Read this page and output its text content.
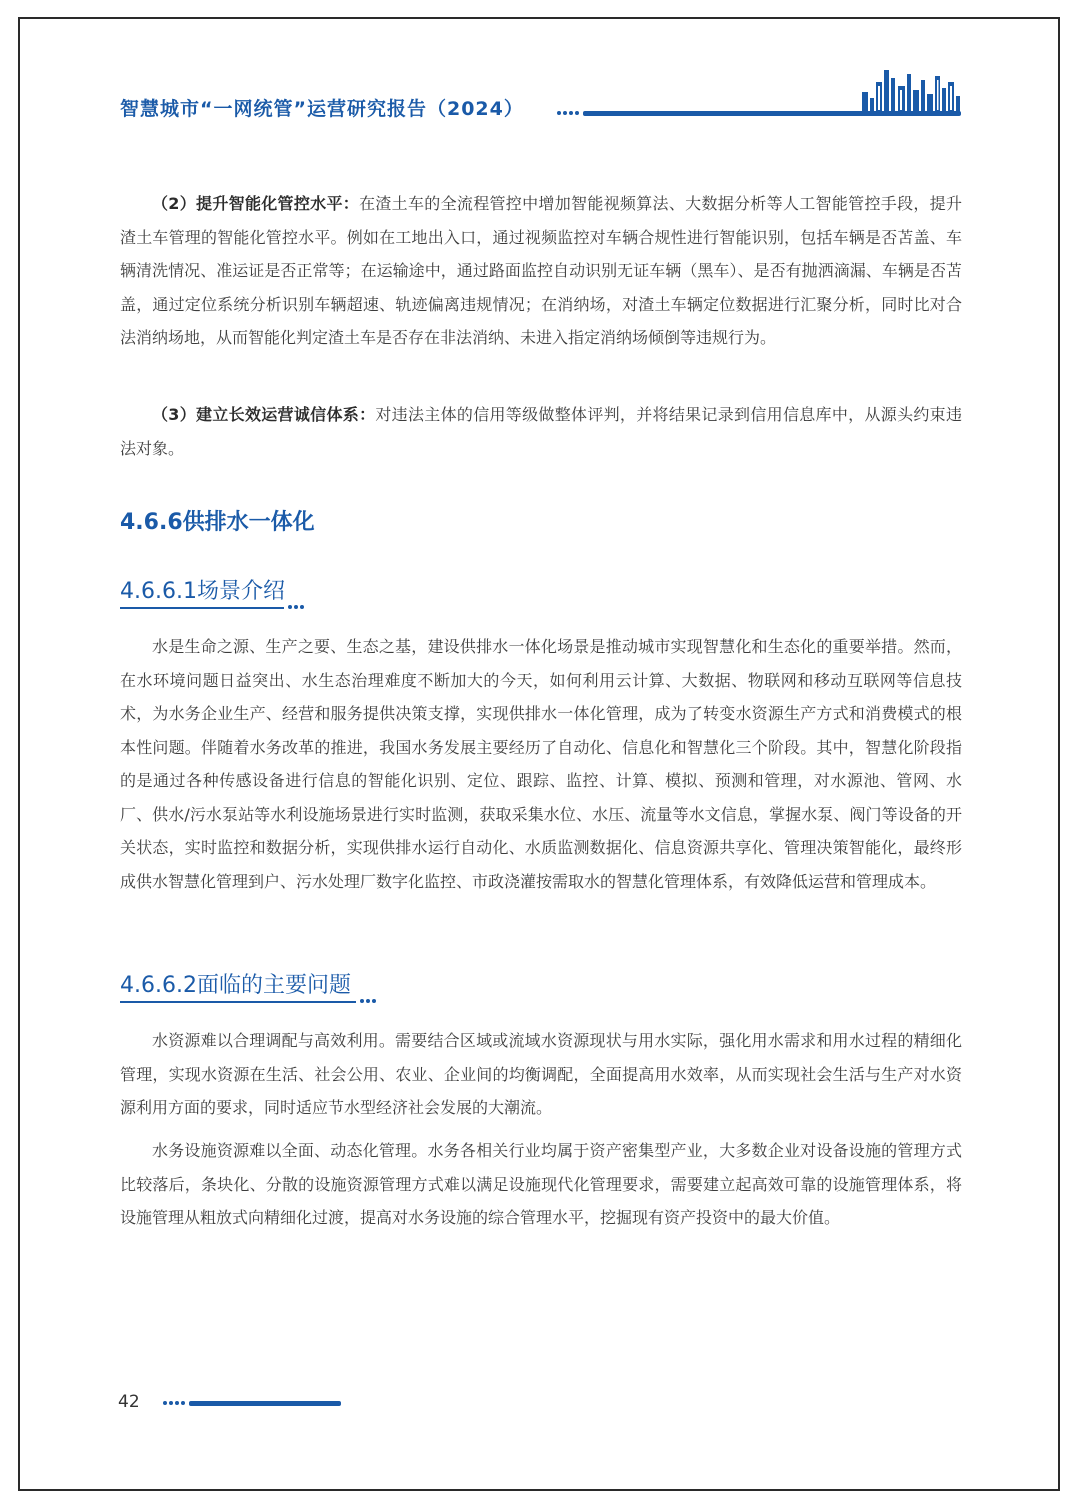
智慧城市“一网统管”运营研究报告（2024）

（2）提升智能化管控水平：在渣土车的全流程管控中增加智能视频算法、大数据分析等人工智能管控手段，提升渣土车管理的智能化管控水平。例如在工地出入口，通过视频监控对车辆合规性进行智能识别，包括车辆是否苫盖、车辆清洗情况、准运证是否正常等；在运输途中，通过路面监控自动识别无证车辆（黑车）、是否有抛洒滴漏、车辆是否苫盖，通过定位系统分析识别车辆超速、轨迹偏离违规情况；在消纳场，对渣土车辆定位数据进行汇聚分析，同时比对合法消纳场地，从而智能化判定渣土车是否存在非法消纳、未进入指定消纳场倾倒等违规行为。

（3）建立长效运营诚信体系：对违法主体的信用等级做整体评判，并将结果记录到信用信息库中，从源头约束违法对象。

4.6.6供排水一体化
4.6.6.1场景介绍

水是生命之源、生产之要、生态之基，建设供排水一体化场景是推动城市实现智慧化和生态化的重要举措。然而，在水环境问题日益突出、水生态治理难度不断加大的今天，如何利用云计算、大数据、物联网和移动互联网等信息技术，为水务企业生产、经营和服务提供决策支撑，实现供排水一体化管理，成为了转变水资源生产方式和消费模式的根本性问题。伴随着水务改革的推进，我国水务发展主要经历了自动化、信息化和智慧化三个阶段。其中，智慧化阶段指的是通过各种传感设备进行信息的智能化识别、定位、跟踪、监控、计算、模拟、预测和管理，对水源池、管网、水厂、供水/污水泵站等水利设施场景进行实时监测，获取采集水位、水压、流量等水文信息，掌握水泵、阀门等设备的开关状态，实时监控和数据分析，实现供排水运行自动化、水质监测数据化、信息资源共享化、管理决策智能化，最终形成供水智慧化管理到户、污水处理厂数字化监控、市政浇灌按需取水的智慧化管理体系，有效降低运营和管理成本。

4.6.6.2面临的主要问题

水资源难以合理调配与高效利用。需要结合区域或流域水资源现状与用水实际，强化用水需求和用水过程的精细化管理，实现水资源在生活、社会公用、农业、企业间的均衡调配，全面提高用水效率，从而实现社会生活与生产对水资源利用方面的要求，同时适应节水型经济社会发展的大潮流。

水务设施资源难以全面、动态化管理。水务各相关行业均属于资产密集型产业，大多数企业对设备设施的管理方式比较落后，条块化、分散的设施资源管理方式难以满足设施现代化管理要求，需要建立起高效可靠的设施管理体系，将设施管理从粗放式向精细化过渡，提高对水务设施的综合管理水平，挖掘现有资产投资中的最大价值。

42
